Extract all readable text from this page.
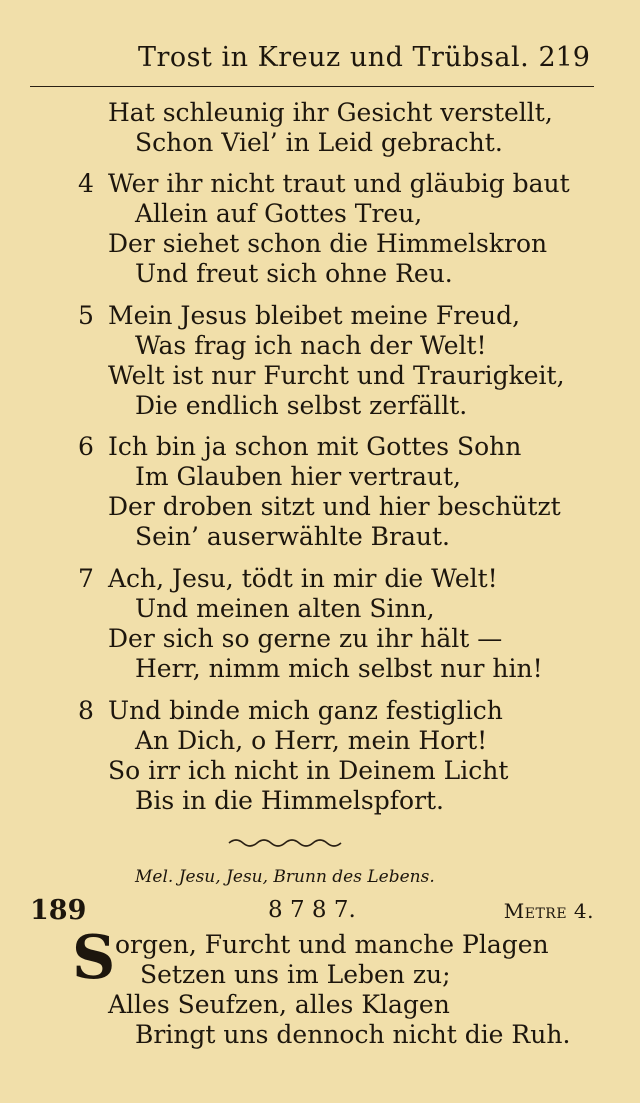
Trost in Kreuz und Trübsal. 219
Hat schleunig ihr Gesicht verstellt,
Schon Viel’ in Leid gebracht.
4 Wer ihr nicht traut und gläubig baut
Allein auf Gottes Treu,
Der siehet schon die Himmelskron
Und freut sich ohne Reu.
5 Mein Jesus bleibet meine Freud,
Was frag ich nach der Welt!
Welt ist nur Furcht und Traurigkeit,
Die endlich selbst zerfällt.
6 Ich bin ja schon mit Gottes Sohn
Im Glauben hier vertraut,
Der droben sitzt und hier beschützt
Sein’ auserwählte Braut.
7 Ach, Jesu, tödt in mir die Welt!
Und meinen alten Sinn,
Der sich so gerne zu ihr hält —
Herr, nimm mich selbst nur hin!
8 Und binde mich ganz festiglich
An Dich, o Herr, mein Hort!
So irr ich nicht in Deinem Licht
Bis in die Himmelspfort.
Mel. Jesu, Jesu, Brunn des Lebens.
189	8 7 8 7.	Metre 4.
S orgen, Furcht und manche Plagen
Setzen uns im Leben zu;
Alles Seufzen, alles Klagen
Bringt uns dennoch nicht die Ruh.
